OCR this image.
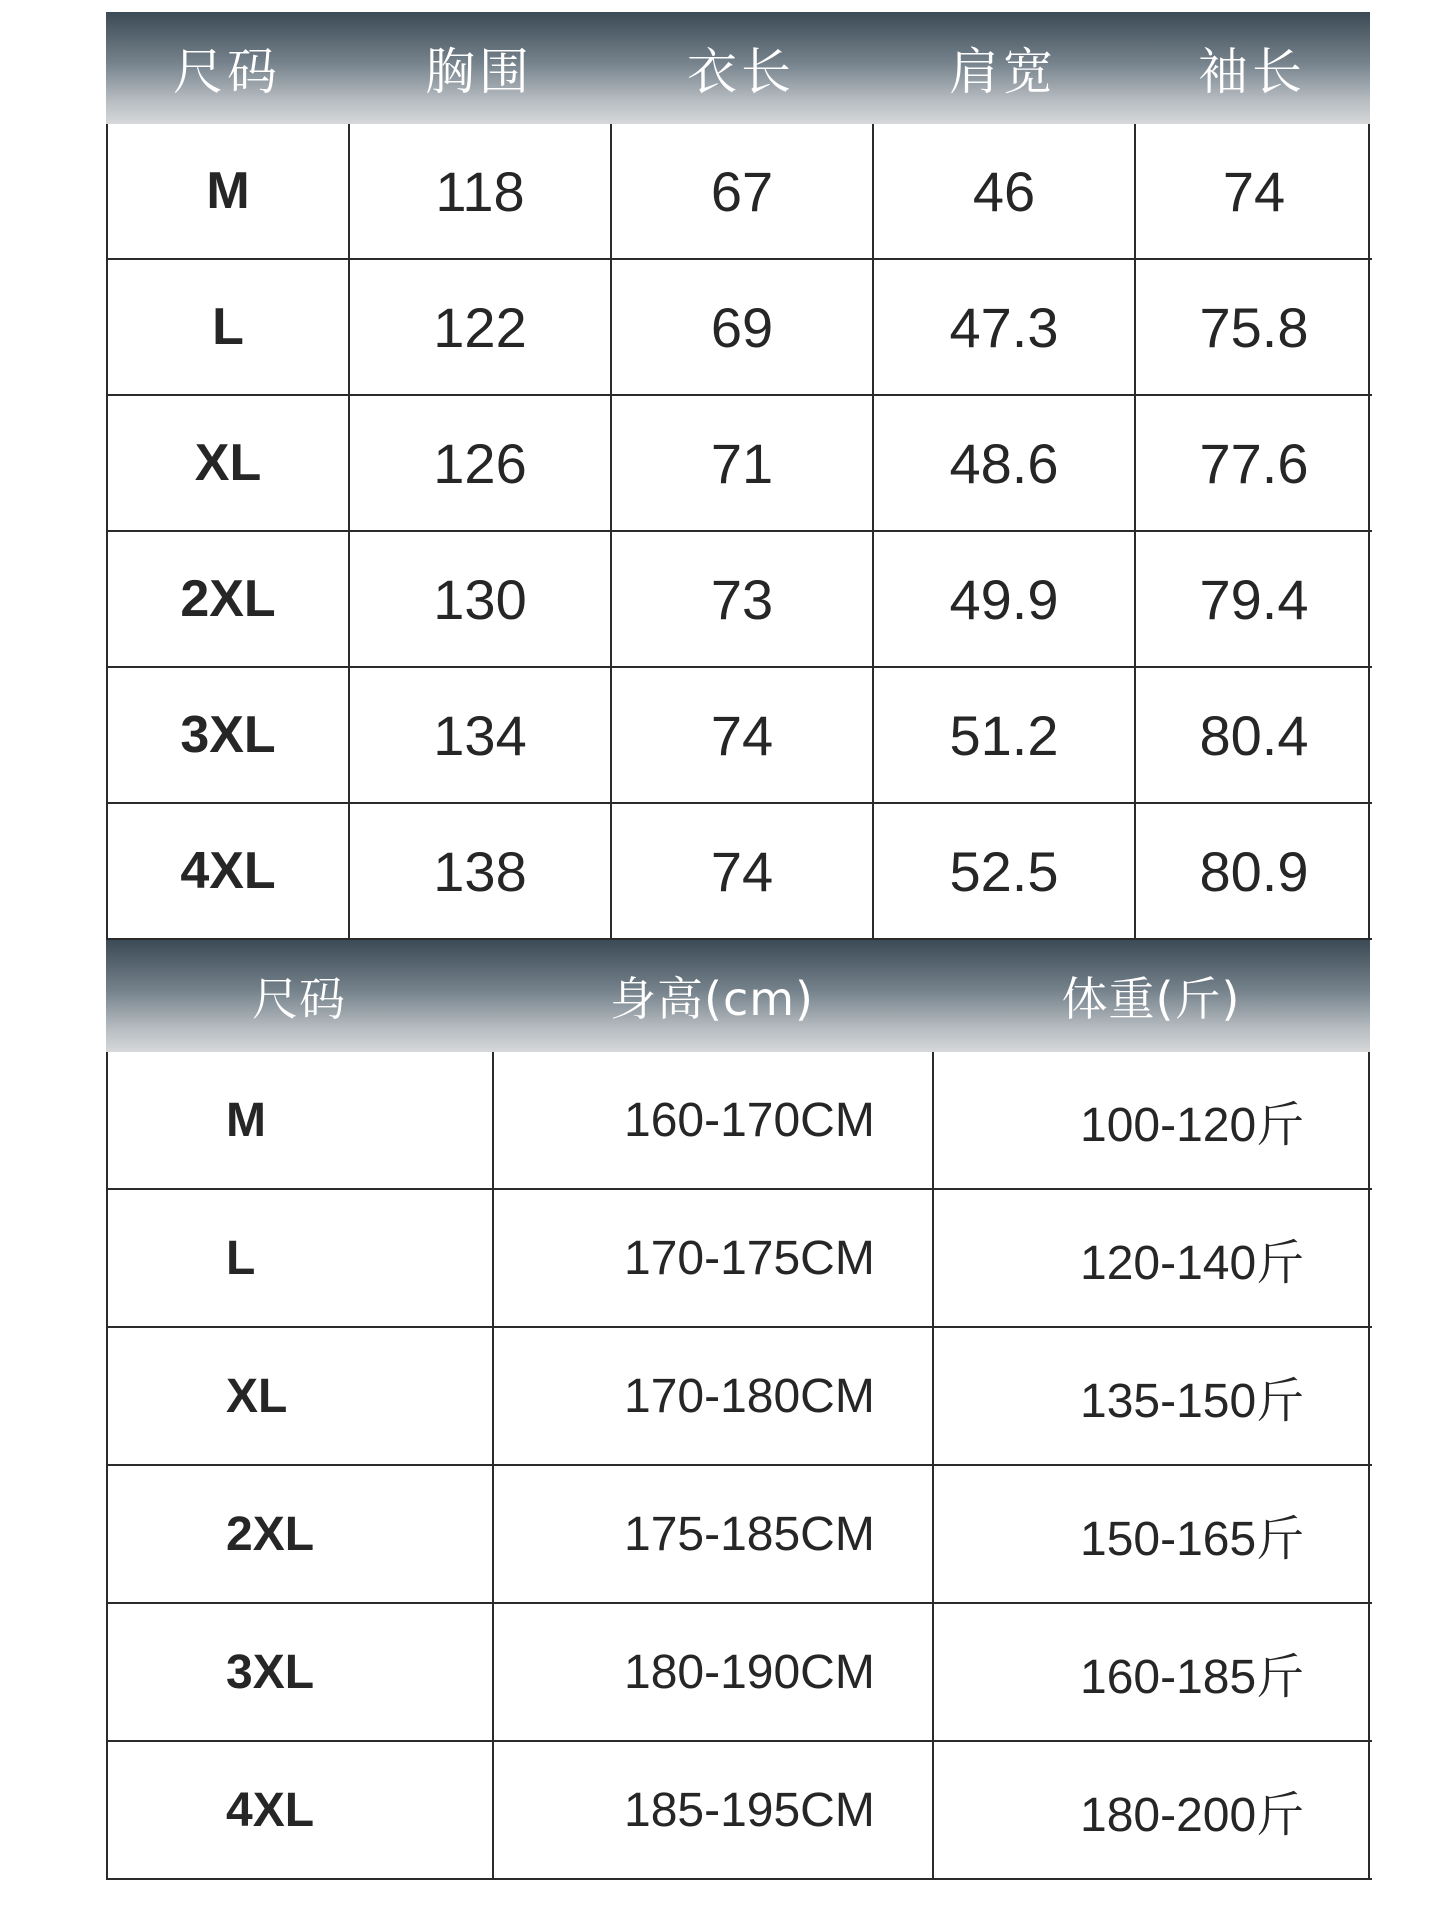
尺码	胸围	衣长	肩宽	袖长
M	118	67	46	74
L	122	69	47.3	75.8
XL	126	71	48.6	77.6
2XL	130	73	49.9	79.4
3XL	134	74	51.2	80.4
4XL	138	74	52.5	80.9
尺码	身高(cm)	体重(斤)
M	160-170CM	100-120斤
L	170-175CM	120-140斤
XL	170-180CM	135-150斤
2XL	175-185CM	150-165斤
3XL	180-190CM	160-185斤
4XL	185-195CM	180-200斤
